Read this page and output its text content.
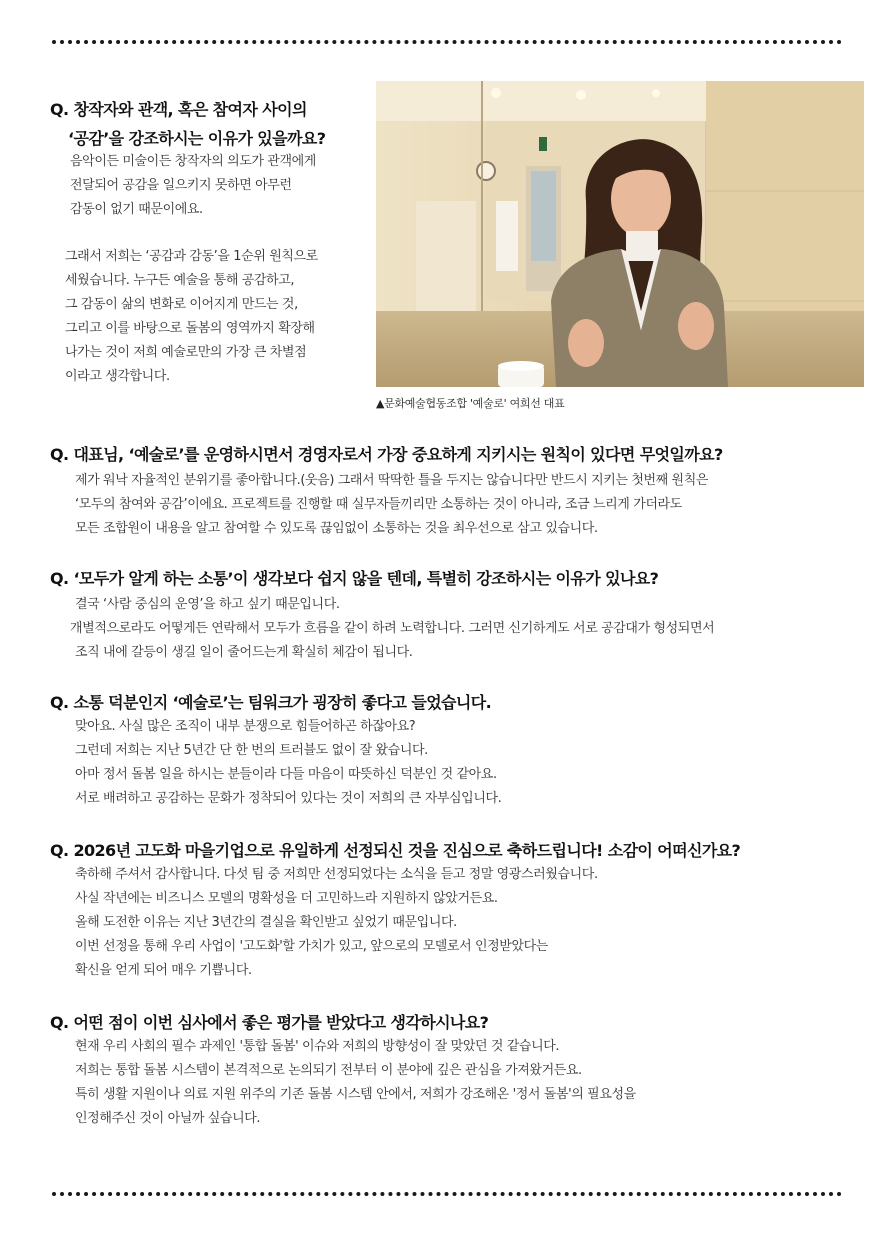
Q. 창작자와 관객, 혹은 참여자 사이의
‘공감’을 강조하시는 이유가 있을까요?
음악이든 미술이든 창작자의 의도가 관객에게
전달되어 공감을 일으키지 못하면 아무런
감동이 없기 때문이에요.
그래서 저희는 ‘공감과 감동’을 1순위 원칙으로
세웠습니다. 누구든 예술을 통해 공감하고,
그 감동이 삶의 변화로 이어지게 만드는 것,
그리고 이를 바탕으로 돌봄의 영역까지 확장해
나가는 것이 저희 예술로만의 가장 큰 차별점
이라고 생각합니다.
▲문화예술협동조합 '예술로' 여희선 대표
Q. 대표님, ‘예술로’를 운영하시면서 경영자로서 가장 중요하게 지키시는 원칙이 있다면 무엇일까요?
제가 워낙 자율적인 분위기를 좋아합니다.(웃음) 그래서 딱딱한 틀을 두지는 않습니다만 반드시 지키는 첫번째 원칙은
‘모두의 참여와 공감’이에요. 프로젝트를 진행할 때 실무자들끼리만 소통하는 것이 아니라, 조금 느리게 가더라도
모든 조합원이 내용을 알고 참여할 수 있도록 끊임없이 소통하는 것을 최우선으로 삼고 있습니다.
Q. ‘모두가 알게 하는 소통’이 생각보다 쉽지 않을 텐데, 특별히 강조하시는 이유가 있나요?
결국 ‘사람 중심의 운영’을 하고 싶기 때문입니다.
개별적으로라도 어떻게든 연락해서 모두가 흐름을 같이 하려 노력합니다. 그러면 신기하게도 서로 공감대가 형성되면서
조직 내에 갈등이 생길 일이 줄어드는게 확실히 체감이 됩니다.
Q. 소통 덕분인지 ‘예술로’는 팀워크가 굉장히 좋다고 들었습니다.
맞아요. 사실 많은 조직이 내부 분쟁으로 힘들어하곤 하잖아요?
그런데 저희는 지난 5년간 단 한 번의 트러블도 없이 잘 왔습니다.
아마 정서 돌봄 일을 하시는 분들이라 다들 마음이 따뜻하신 덕분인 것 같아요.
서로 배려하고 공감하는 문화가 정착되어 있다는 것이 저희의 큰 자부심입니다.
Q. 2026년 고도화 마을기업으로 유일하게 선정되신 것을 진심으로 축하드립니다! 소감이 어떠신가요?
축하해 주셔서 감사합니다. 다섯 팀 중 저희만 선정되었다는 소식을 듣고 정말 영광스러웠습니다.
사실 작년에는 비즈니스 모델의 명확성을 더 고민하느라 지원하지 않았거든요.
올해 도전한 이유는 지난 3년간의 결실을 확인받고 싶었기 때문입니다.
이번 선정을 통해 우리 사업이 '고도화'할 가치가 있고, 앞으로의 모델로서 인정받았다는
확신을 얻게 되어 매우 기쁩니다.
Q. 어떤 점이 이번 심사에서 좋은 평가를 받았다고 생각하시나요?
현재 우리 사회의 필수 과제인 '통합 돌봄' 이슈와 저희의 방향성이 잘 맞았던 것 같습니다.
저희는 통합 돌봄 시스템이 본격적으로 논의되기 전부터 이 분야에 깊은 관심을 가져왔거든요.
특히 생활 지원이나 의료 지원 위주의 기존 돌봄 시스템 안에서, 저희가 강조해온 '정서 돌봄'의 필요성을
인정해주신 것이 아닐까 싶습니다.
